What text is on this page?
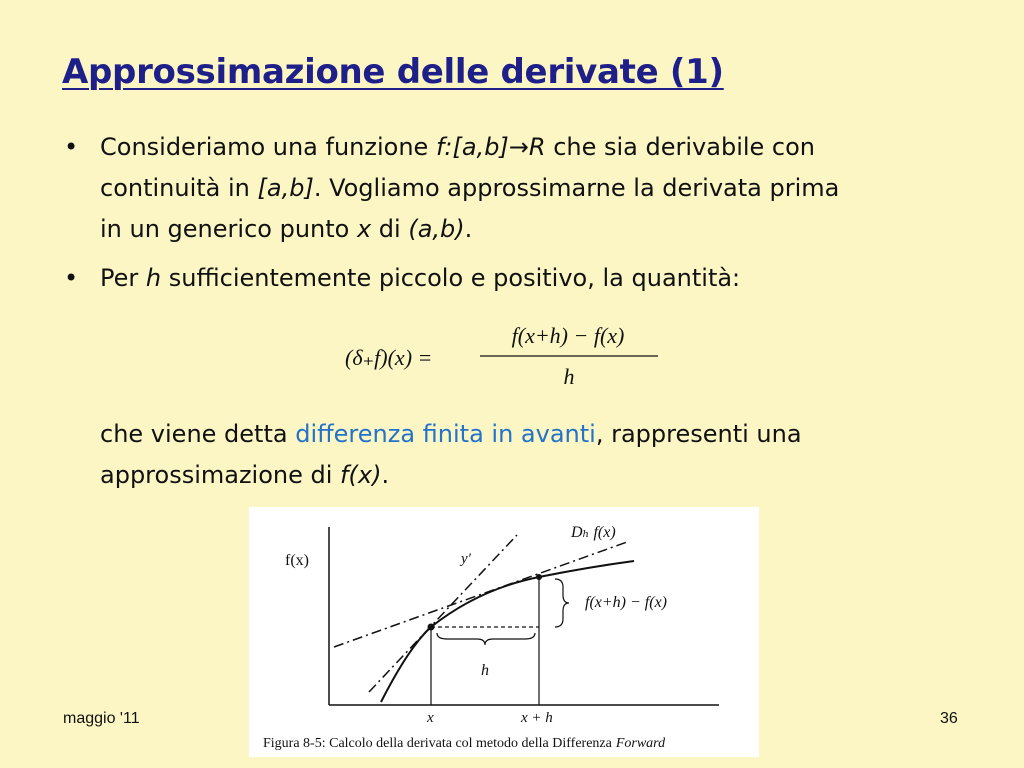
Approssimazione delle derivate (1)
• Consideriamo una funzione f:[a,b]→R che sia derivabile con
continuità in [a,b]. Vogliamo approssimarne la derivata prima
in un generico punto x di (a,b).
• Per h sufficientemente piccolo e positivo, la quantità:
(δ₊f)(x) =
f(x+h) − f(x)
h
che viene detta differenza finita in avanti, rappresenti una
approssimazione di f(x).
f(x)	y′
Dₕ f(x)
h
f(x+h) − f(x)
x	x + h
Figura 8-5: Calcolo della derivata col metodo della Differenza Forward
maggio '11	36
